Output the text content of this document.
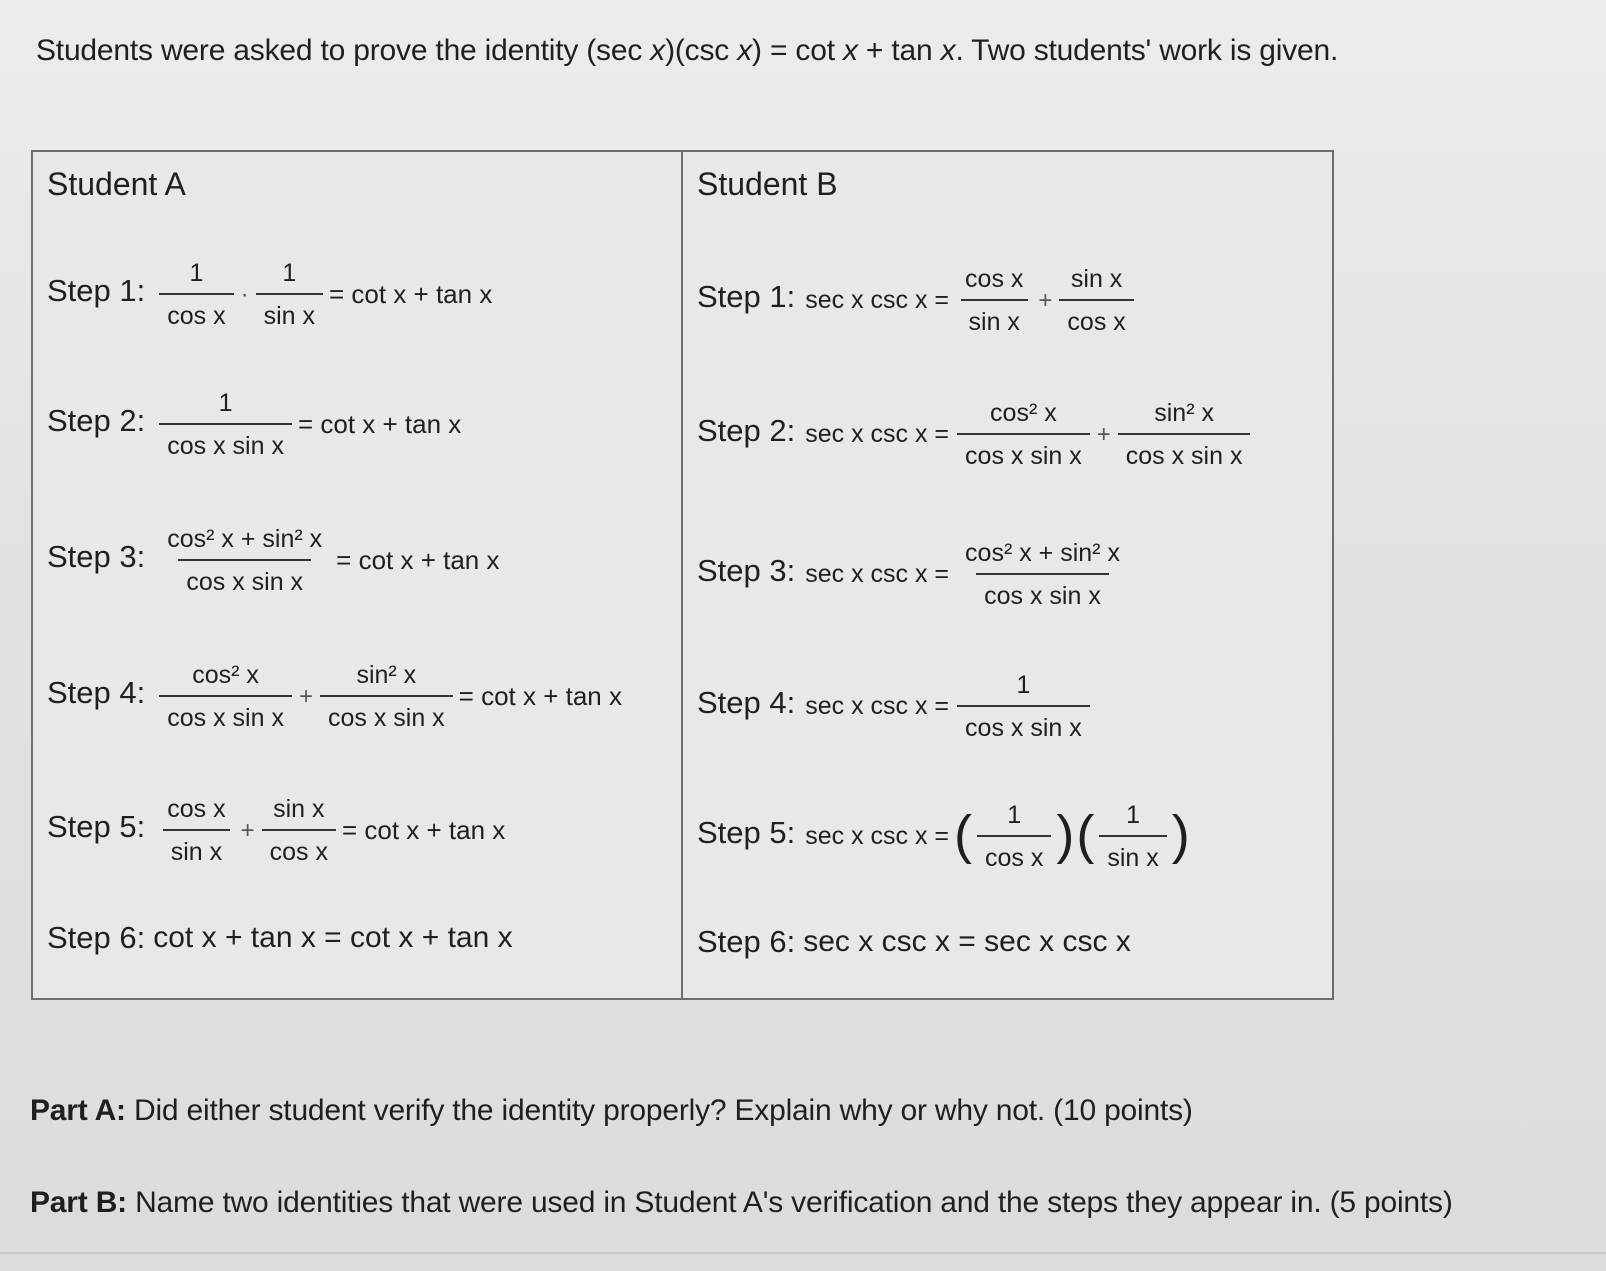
Students were asked to prove the identity (sec x)(csc x) = cot x + tan x. Two students' work is given.
Student A
Step 1: $\frac{1}{\text{cos x}} \cdot \frac{1}{\text{sin x}} = \cot x + \tan x$
Step 2: $\frac{1}{\text{cos x sin x}} = \cot x + \tan x$
Step 3: $\frac{\text{cos² x + sin² x}}{\text{cos x sin x}} = \cot x + \tan x$
Step 4: $\frac{\text{cos² x}}{\text{cos x sin x}} + \frac{\text{sin² x}}{\text{cos x sin x}} = \cot x + \tan x$
Step 5: $\frac{\text{cos x}}{\text{sin x}} + \frac{\text{sin x}}{\text{cos x}} = \cot x + \tan x$
Step 6: cot x + tan x = cot x + tan x
Student B
Step 1: sec x $\csc x = \frac{\text{cos x}}{\text{sin x}} + \frac{\text{sin x}}{\text{cos x}}$
Step 2: sec x $\csc x = \frac{\text{cos² x}}{\text{cos x sin x}} + \frac{\text{sin² x}}{\text{cos x sin x}}$
Step 3: sec x $\csc x = \frac{\text{cos² x + sin² x}}{\text{cos x sin x}}$
Step 4: sec x $\csc x = \frac{1}{\text{cos x sin x}}$
Step 5: sec x csc x = ( $\frac{1}{\text{cos x}}$ ) ( $\frac{1}{\text{sin x}}$ )
Step 6: sec x csc x = sec x csc x
Part A: Did either student verify the identity properly? Explain why or why not. (10 points)
Part B: Name two identities that were used in Student A's verification and the steps they appear in. (5 points)
